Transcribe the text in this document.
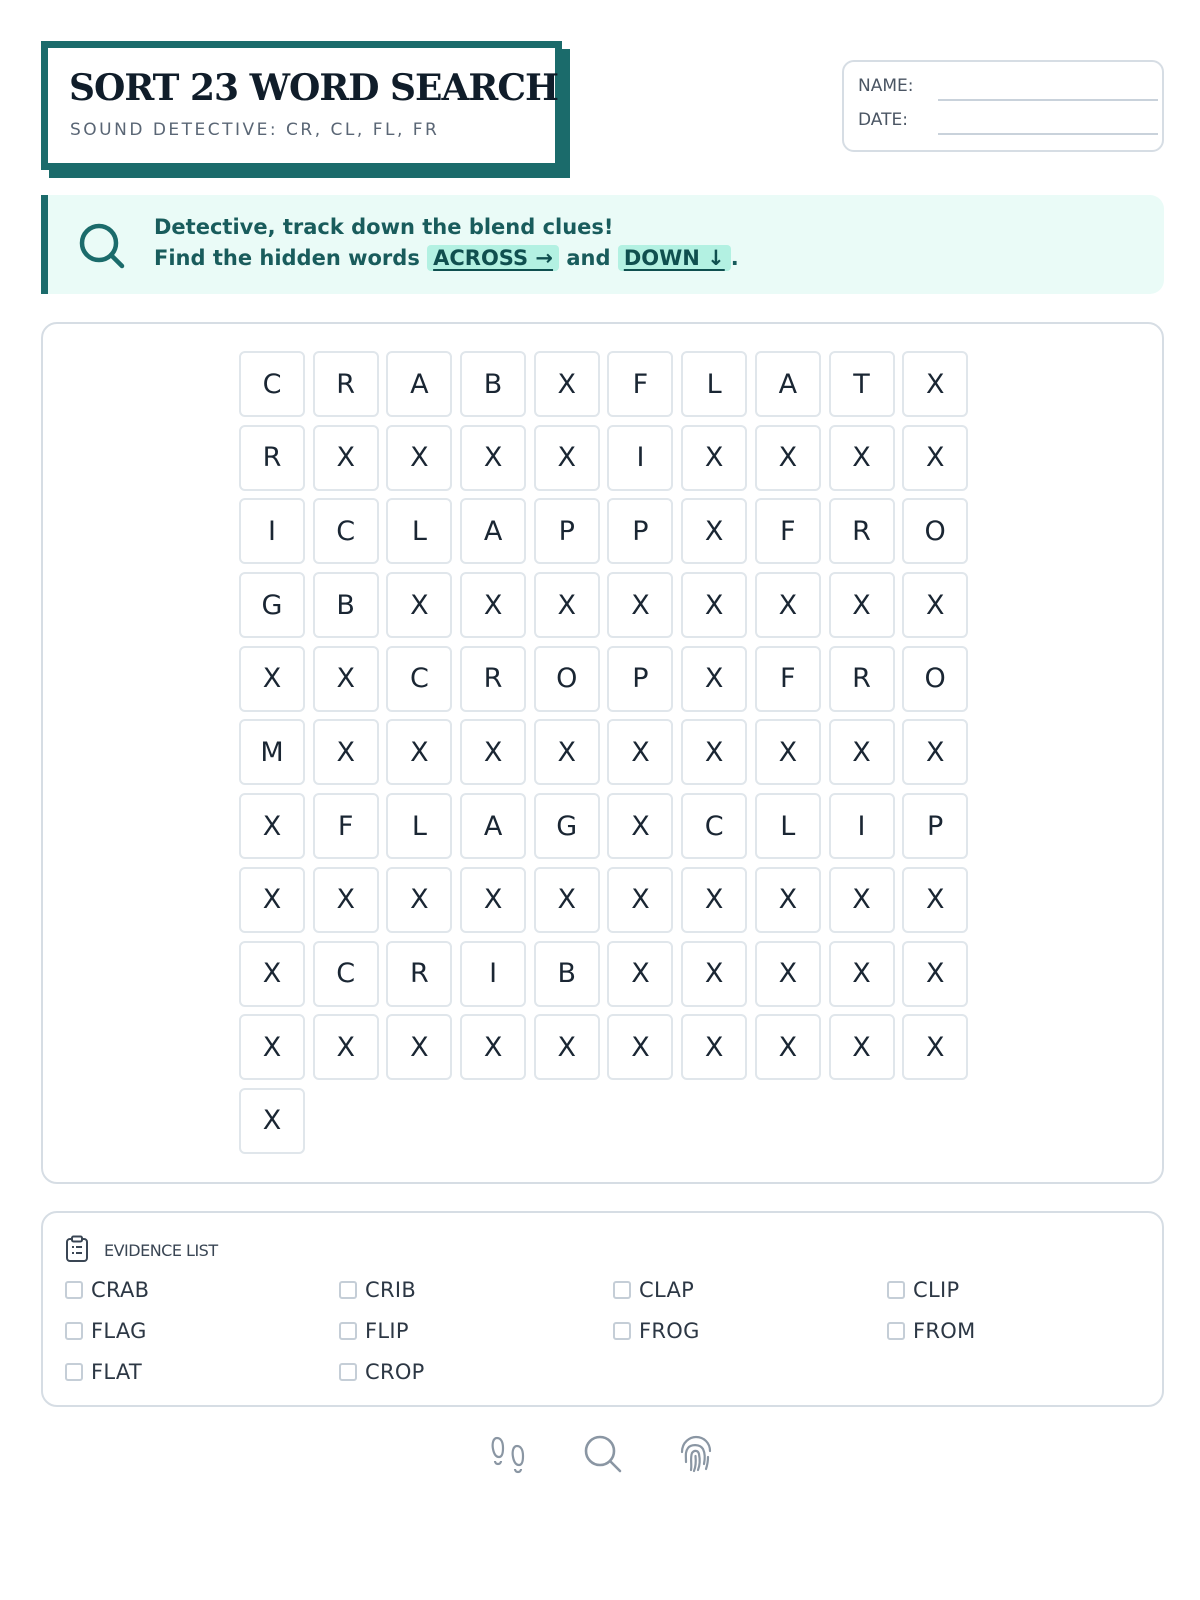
SORT 23 WORD SEARCH
SOUND DETECTIVE: CR, CL, FL, FR
NAME:
DATE:
Detective, track down the blend clues!
Find the hidden words ACROSS → and DOWN ↓ .
C	R	A	B	X	F	L	A	T	X
R	X	X	X	X	I	X	X	X	X
I	C	L	A	P	P	X	F	R	O
G	B	X	X	X	X	X	X	X	X
X	X	C	R	O	P	X	F	R	O
M	X	X	X	X	X	X	X	X	X
X	F	L	A	G	X	C	L	I	P
X	X	X	X	X	X	X	X	X	X
X	C	R	I	B	X	X	X	X	X
X	X	X	X	X	X	X	X	X	X
X
EVIDENCE LIST
CRAB	CRIB	CLAP	CLIP
FLAG	FLIP	FROG	FROM
FLAT	CROP
